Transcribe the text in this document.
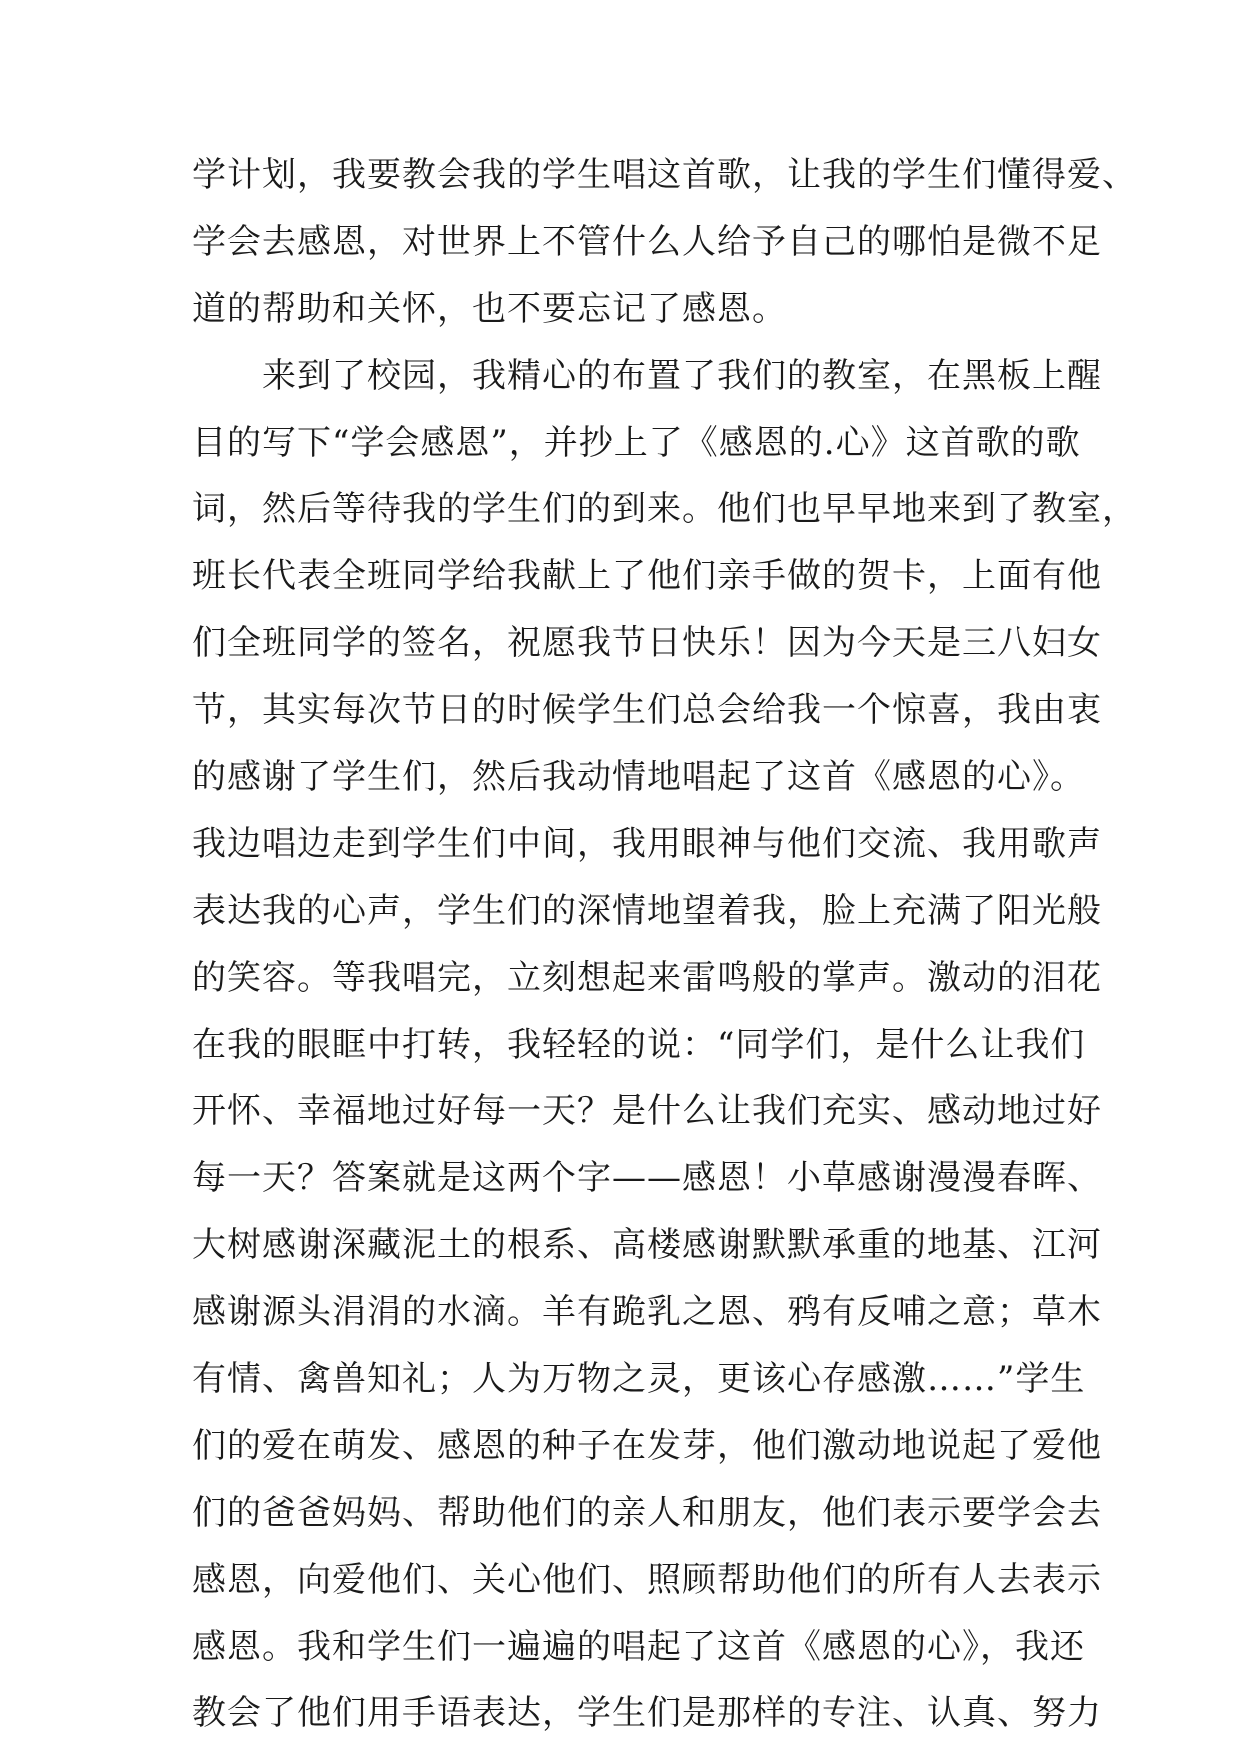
学计划，我要教会我的学生唱这首歌，让我的学生们懂得爱、
学会去感恩，对世界上不管什么人给予自己的哪怕是微不足
道的帮助和关怀，也不要忘记了感恩。
　　来到了校园，我精心的布置了我们的教室，在黑板上醒
目的写下“学会感恩”，并抄上了《感恩的.心》这首歌的歌
词，然后等待我的学生们的到来。他们也早早地来到了教室，
班长代表全班同学给我献上了他们亲手做的贺卡，上面有他
们全班同学的签名，祝愿我节日快乐！因为今天是三八妇女
节，其实每次节日的时候学生们总会给我一个惊喜，我由衷
的感谢了学生们，然后我动情地唱起了这首《感恩的心》。
我边唱边走到学生们中间，我用眼神与他们交流、我用歌声
表达我的心声，学生们的深情地望着我，脸上充满了阳光般
的笑容。等我唱完，立刻想起来雷鸣般的掌声。激动的泪花
在我的眼眶中打转，我轻轻的说：“同学们，是什么让我们
开怀、幸福地过好每一天？是什么让我们充实、感动地过好
每一天？答案就是这两个字——感恩！小草感谢漫漫春晖、
大树感谢深藏泥土的根系、高楼感谢默默承重的地基、江河
感谢源头涓涓的水滴。羊有跪乳之恩、鸦有反哺之意；草木
有情、禽兽知礼；人为万物之灵，更该心存感激……”学生
们的爱在萌发、感恩的种子在发芽，他们激动地说起了爱他
们的爸爸妈妈、帮助他们的亲人和朋友，他们表示要学会去
感恩，向爱他们、关心他们、照顾帮助他们的所有人去表示
感恩。我和学生们一遍遍的唱起了这首《感恩的心》，我还
教会了他们用手语表达，学生们是那样的专注、认真、努力
